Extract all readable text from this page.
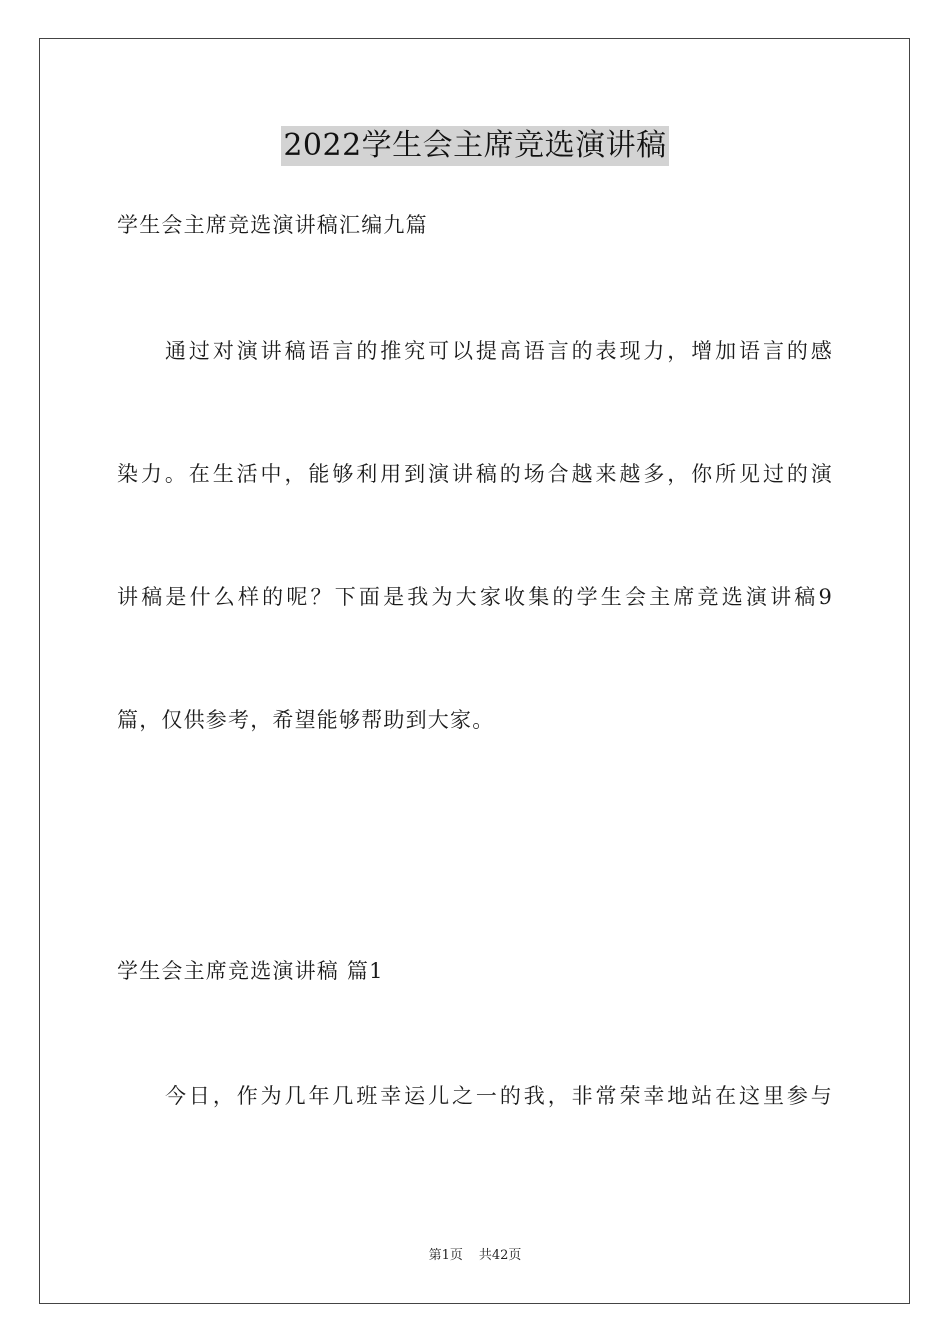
2022学生会主席竞选演讲稿
学生会主席竞选演讲稿汇编九篇
通过对演讲稿语言的推究可以提高语言的表现力，增加语言的感
染力。在生活中，能够利用到演讲稿的场合越来越多，你所见过的演
讲稿是什么样的呢？下面是我为大家收集的学生会主席竞选演讲稿9
篇，仅供参考，希望能够帮助到大家。
学生会主席竞选演讲稿 篇1
今日，作为几年几班幸运儿之一的我，非常荣幸地站在这里参与
第1页 共42页
